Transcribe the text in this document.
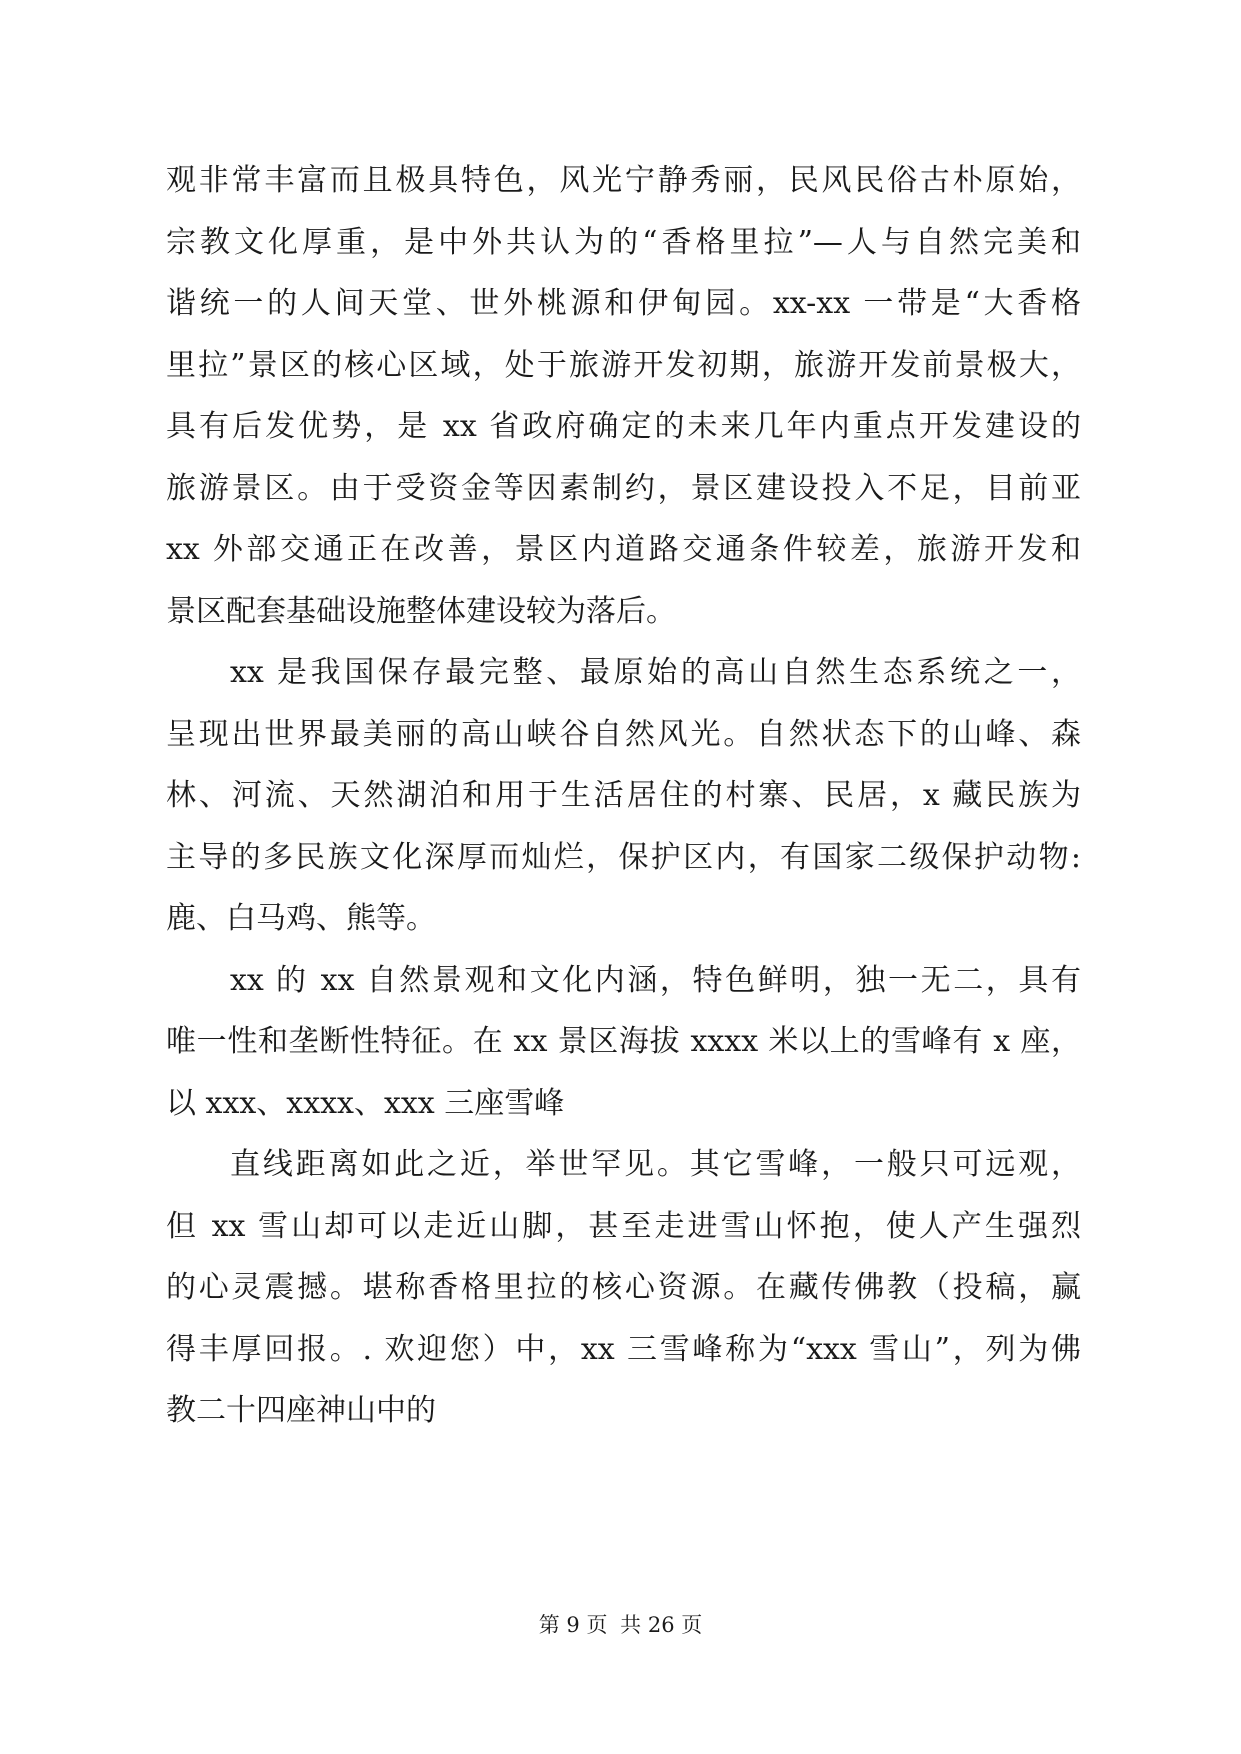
观非常丰富而且极具特色，风光宁静秀丽，民风民俗古朴原始，
宗教文化厚重，是中外共认为的“香格里拉”—人与自然完美和
谐统一的人间天堂、世外桃源和伊甸园。xx-xx 一带是“大香格
里拉”景区的核心区域，处于旅游开发初期，旅游开发前景极大，
具有后发优势，是 xx 省政府确定的未来几年内重点开发建设的
旅游景区。由于受资金等因素制约，景区建设投入不足，目前亚
xx 外部交通正在改善，景区内道路交通条件较差，旅游开发和
景区配套基础设施整体建设较为落后。
xx 是我国保存最完整、最原始的高山自然生态系统之一，
呈现出世界最美丽的高山峡谷自然风光。自然状态下的山峰、森
林、河流、天然湖泊和用于生活居住的村寨、民居，x 藏民族为
主导的多民族文化深厚而灿烂，保护区内，有国家二级保护动物:
鹿、白马鸡、熊等。
xx 的 xx 自然景观和文化内涵，特色鲜明，独一无二，具有
唯一性和垄断性特征。在 xx 景区海拔 xxxx 米以上的雪峰有 x 座，
以 xxx、xxxx、xxx 三座雪峰
直线距离如此之近，举世罕见。其它雪峰，一般只可远观，
但 xx 雪山却可以走近山脚，甚至走进雪山怀抱，使人产生强烈
的心灵震撼。堪称香格里拉的核心资源。在藏传佛教（投稿，赢
得丰厚回报。. 欢迎您）中，xx 三雪峰称为“xxx 雪山”，列为佛
教二十四座神山中的
第 9 页 共 26 页
